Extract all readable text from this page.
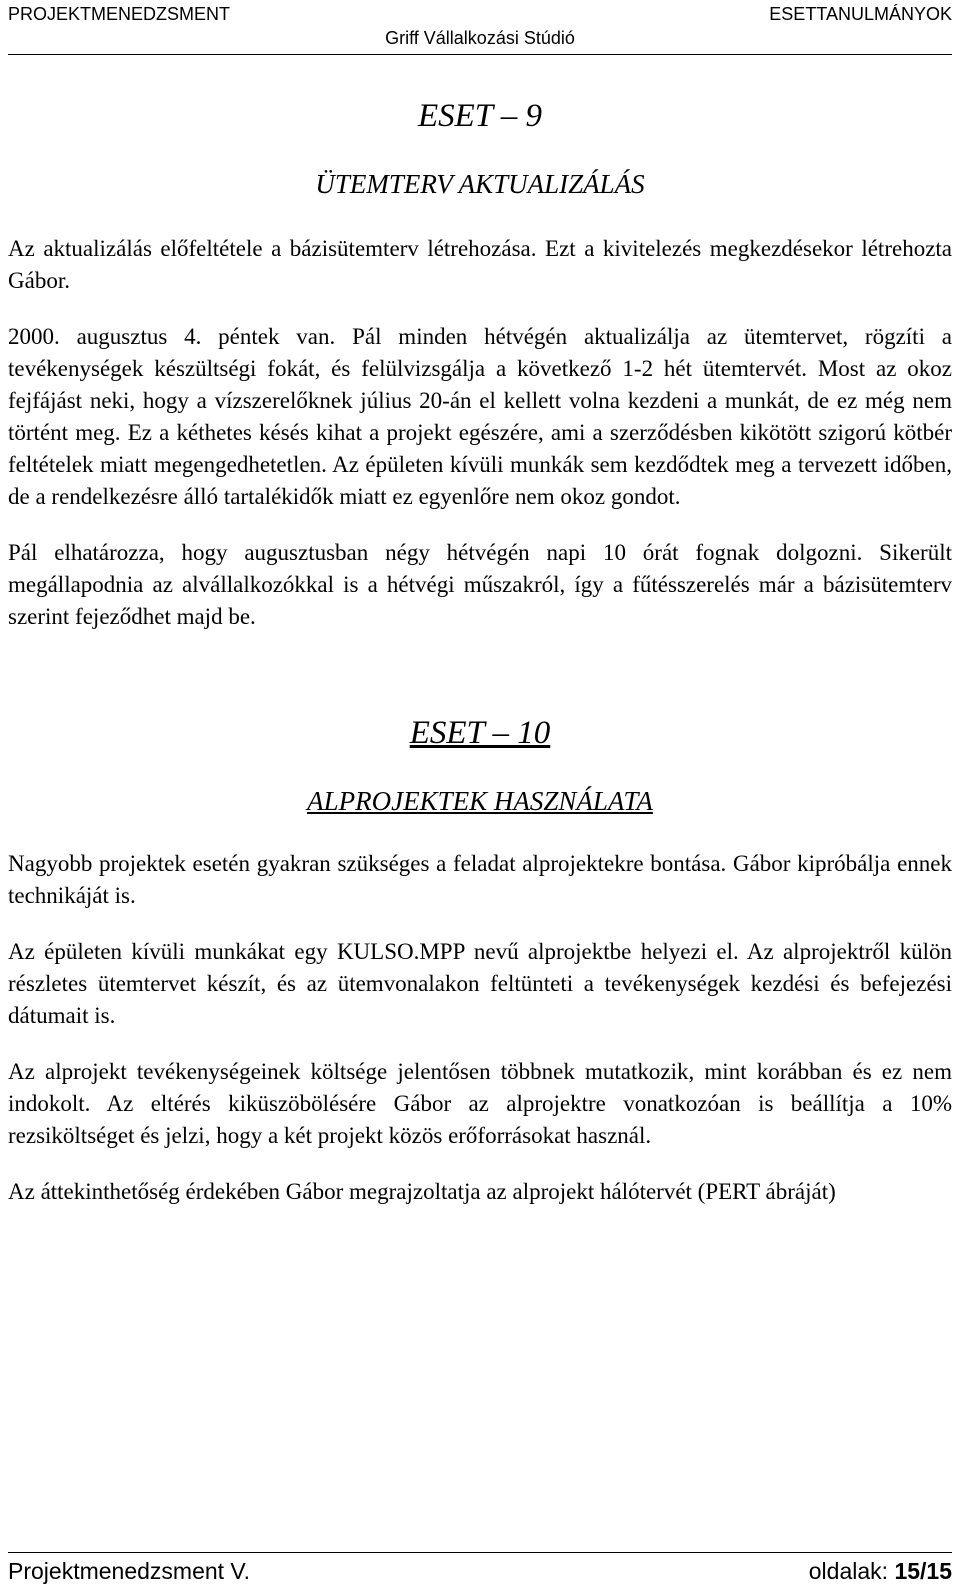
PROJEKTMENEDZSMENT	ESETTANULMÁNYOK
Griff Vállalkozási Stúdió
ESET – 9
ÜTEMTERV AKTUALIZÁLÁS

Az aktualizálás előfeltétele a bázisütemterv létrehozása. Ezt a kivitelezés megkezdésekor létrehozta Gábor.

2000. augusztus 4. péntek van. Pál minden hétvégén aktualizálja az ütemtervet, rögzíti a tevékenységek készültségi fokát, és felülvizsgálja a következő 1-2 hét ütemtervét. Most az okoz fejfájást neki, hogy a vízszerelőknek július 20-án el kellett volna kezdeni a munkát, de ez még nem történt meg. Ez a kéthetes késés kihat a projekt egészére, ami a szerződésben kikötött szigorú kötbér feltételek miatt megengedhetetlen. Az épületen kívüli munkák sem kezdődtek meg a tervezett időben, de a rendelkezésre álló tartalékidők miatt ez egyenlőre nem okoz gondot.

Pál elhatározza, hogy augusztusban négy hétvégén napi 10 órát fognak dolgozni. Sikerült megállapodnia az alvállalkozókkal is a hétvégi műszakról, így a fűtésszerelés már a bázisütemterv szerint fejeződhet majd be.

ESET – 10
ALPROJEKTEK HASZNÁLATA

Nagyobb projektek esetén gyakran szükséges a feladat alprojektekre bontása. Gábor kipróbálja ennek technikáját is.

Az épületen kívüli munkákat egy KULSO.MPP nevű alprojektbe helyezi el. Az alprojektről külön részletes ütemtervet készít, és az ütemvonalakon feltünteti a tevékenységek kezdési és befejezési dátumait is.

Az alprojekt tevékenységeinek költsége jelentősen többnek mutatkozik, mint korábban és ez nem indokolt. Az eltérés kiküszöbölésére Gábor az alprojektre vonatkozóan is beállítja a 10% rezsiköltséget és jelzi, hogy a két projekt közös erőforrásokat használ.

Az áttekinthetőség érdekében Gábor megrajzoltatja az alprojekt hálótervét (PERT ábráját)

Projektmenedzsment V.	oldalak: 15/15
